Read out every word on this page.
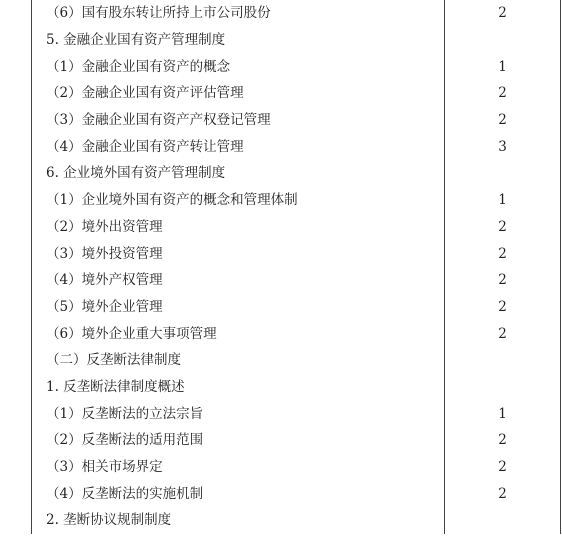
（6）国有股东转让所持上市公司股份	2
5. 金融企业国有资产管理制度	
（1）金融企业国有资产的概念	1
（2）金融企业国有资产评估管理	2
（3）金融企业国有资产产权登记管理	2
（4）金融企业国有资产转让管理	3
6. 企业境外国有资产管理制度	
（1）企业境外国有资产的概念和管理体制	1
（2）境外出资管理	2
（3）境外投资管理	2
（4）境外产权管理	2
（5）境外企业管理	2
（6）境外企业重大事项管理	2
（二）反垄断法律制度	
1. 反垄断法律制度概述	
（1）反垄断法的立法宗旨	1
（2）反垄断法的适用范围	2
（3）相关市场界定	2
（4）反垄断法的实施机制	2
2. 垄断协议规制制度	
